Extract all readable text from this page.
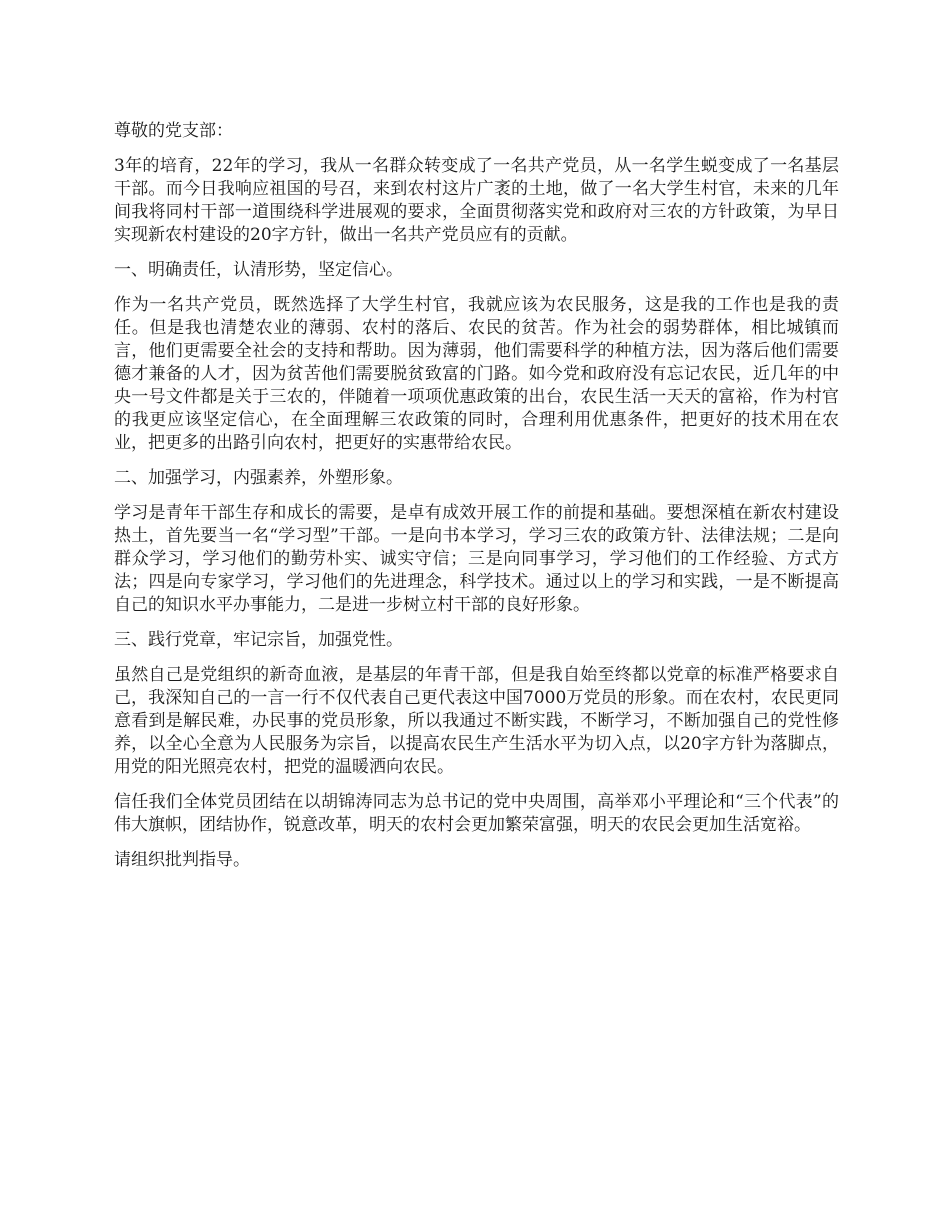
尊敬的党支部：

3年的培育，22年的学习，我从一名群众转变成了一名共产党员，从一名学生蜕变成了一名基层干部。而今日我响应祖国的号召，来到农村这片广袤的土地，做了一名大学生村官，未来的几年间我将同村干部一道围绕科学进展观的要求，全面贯彻落实党和政府对三农的方针政策，为早日实现新农村建设的20字方针，做出一名共产党员应有的贡献。

一、明确责任，认清形势，坚定信心。

作为一名共产党员，既然选择了大学生村官，我就应该为农民服务，这是我的工作也是我的责任。但是我也清楚农业的薄弱、农村的落后、农民的贫苦。作为社会的弱势群体，相比城镇而言，他们更需要全社会的支持和帮助。因为薄弱，他们需要科学的种植方法，因为落后他们需要德才兼备的人才，因为贫苦他们需要脱贫致富的门路。如今党和政府没有忘记农民，近几年的中央一号文件都是关于三农的，伴随着一项项优惠政策的出台，农民生活一天天的富裕，作为村官的我更应该坚定信心，在全面理解三农政策的同时，合理利用优惠条件，把更好的技术用在农业，把更多的出路引向农村，把更好的实惠带给农民。

二、加强学习，内强素养，外塑形象。

学习是青年干部生存和成长的需要，是卓有成效开展工作的前提和基础。要想深植在新农村建设热土，首先要当一名“学习型”干部。一是向书本学习，学习三农的政策方针、法律法规；二是向群众学习，学习他们的勤劳朴实、诚实守信；三是向同事学习，学习他们的工作经验、方式方法；四是向专家学习，学习他们的先进理念，科学技术。通过以上的学习和实践，一是不断提高自己的知识水平办事能力，二是进一步树立村干部的良好形象。

三、践行党章，牢记宗旨，加强党性。

虽然自己是党组织的新奇血液，是基层的年青干部，但是我自始至终都以党章的标准严格要求自己，我深知自己的一言一行不仅代表自己更代表这中国7000万党员的形象。而在农村，农民更同意看到是解民难，办民事的党员形象，所以我通过不断实践，不断学习，不断加强自己的党性修养，以全心全意为人民服务为宗旨，以提高农民生产生活水平为切入点，以20字方针为落脚点，用党的阳光照亮农村，把党的温暖洒向农民。

信任我们全体党员团结在以胡锦涛同志为总书记的党中央周围，高举邓小平理论和“三个代表”的伟大旗帜，团结协作，锐意改革，明天的农村会更加繁荣富强，明天的农民会更加生活宽裕。

请组织批判指导。
